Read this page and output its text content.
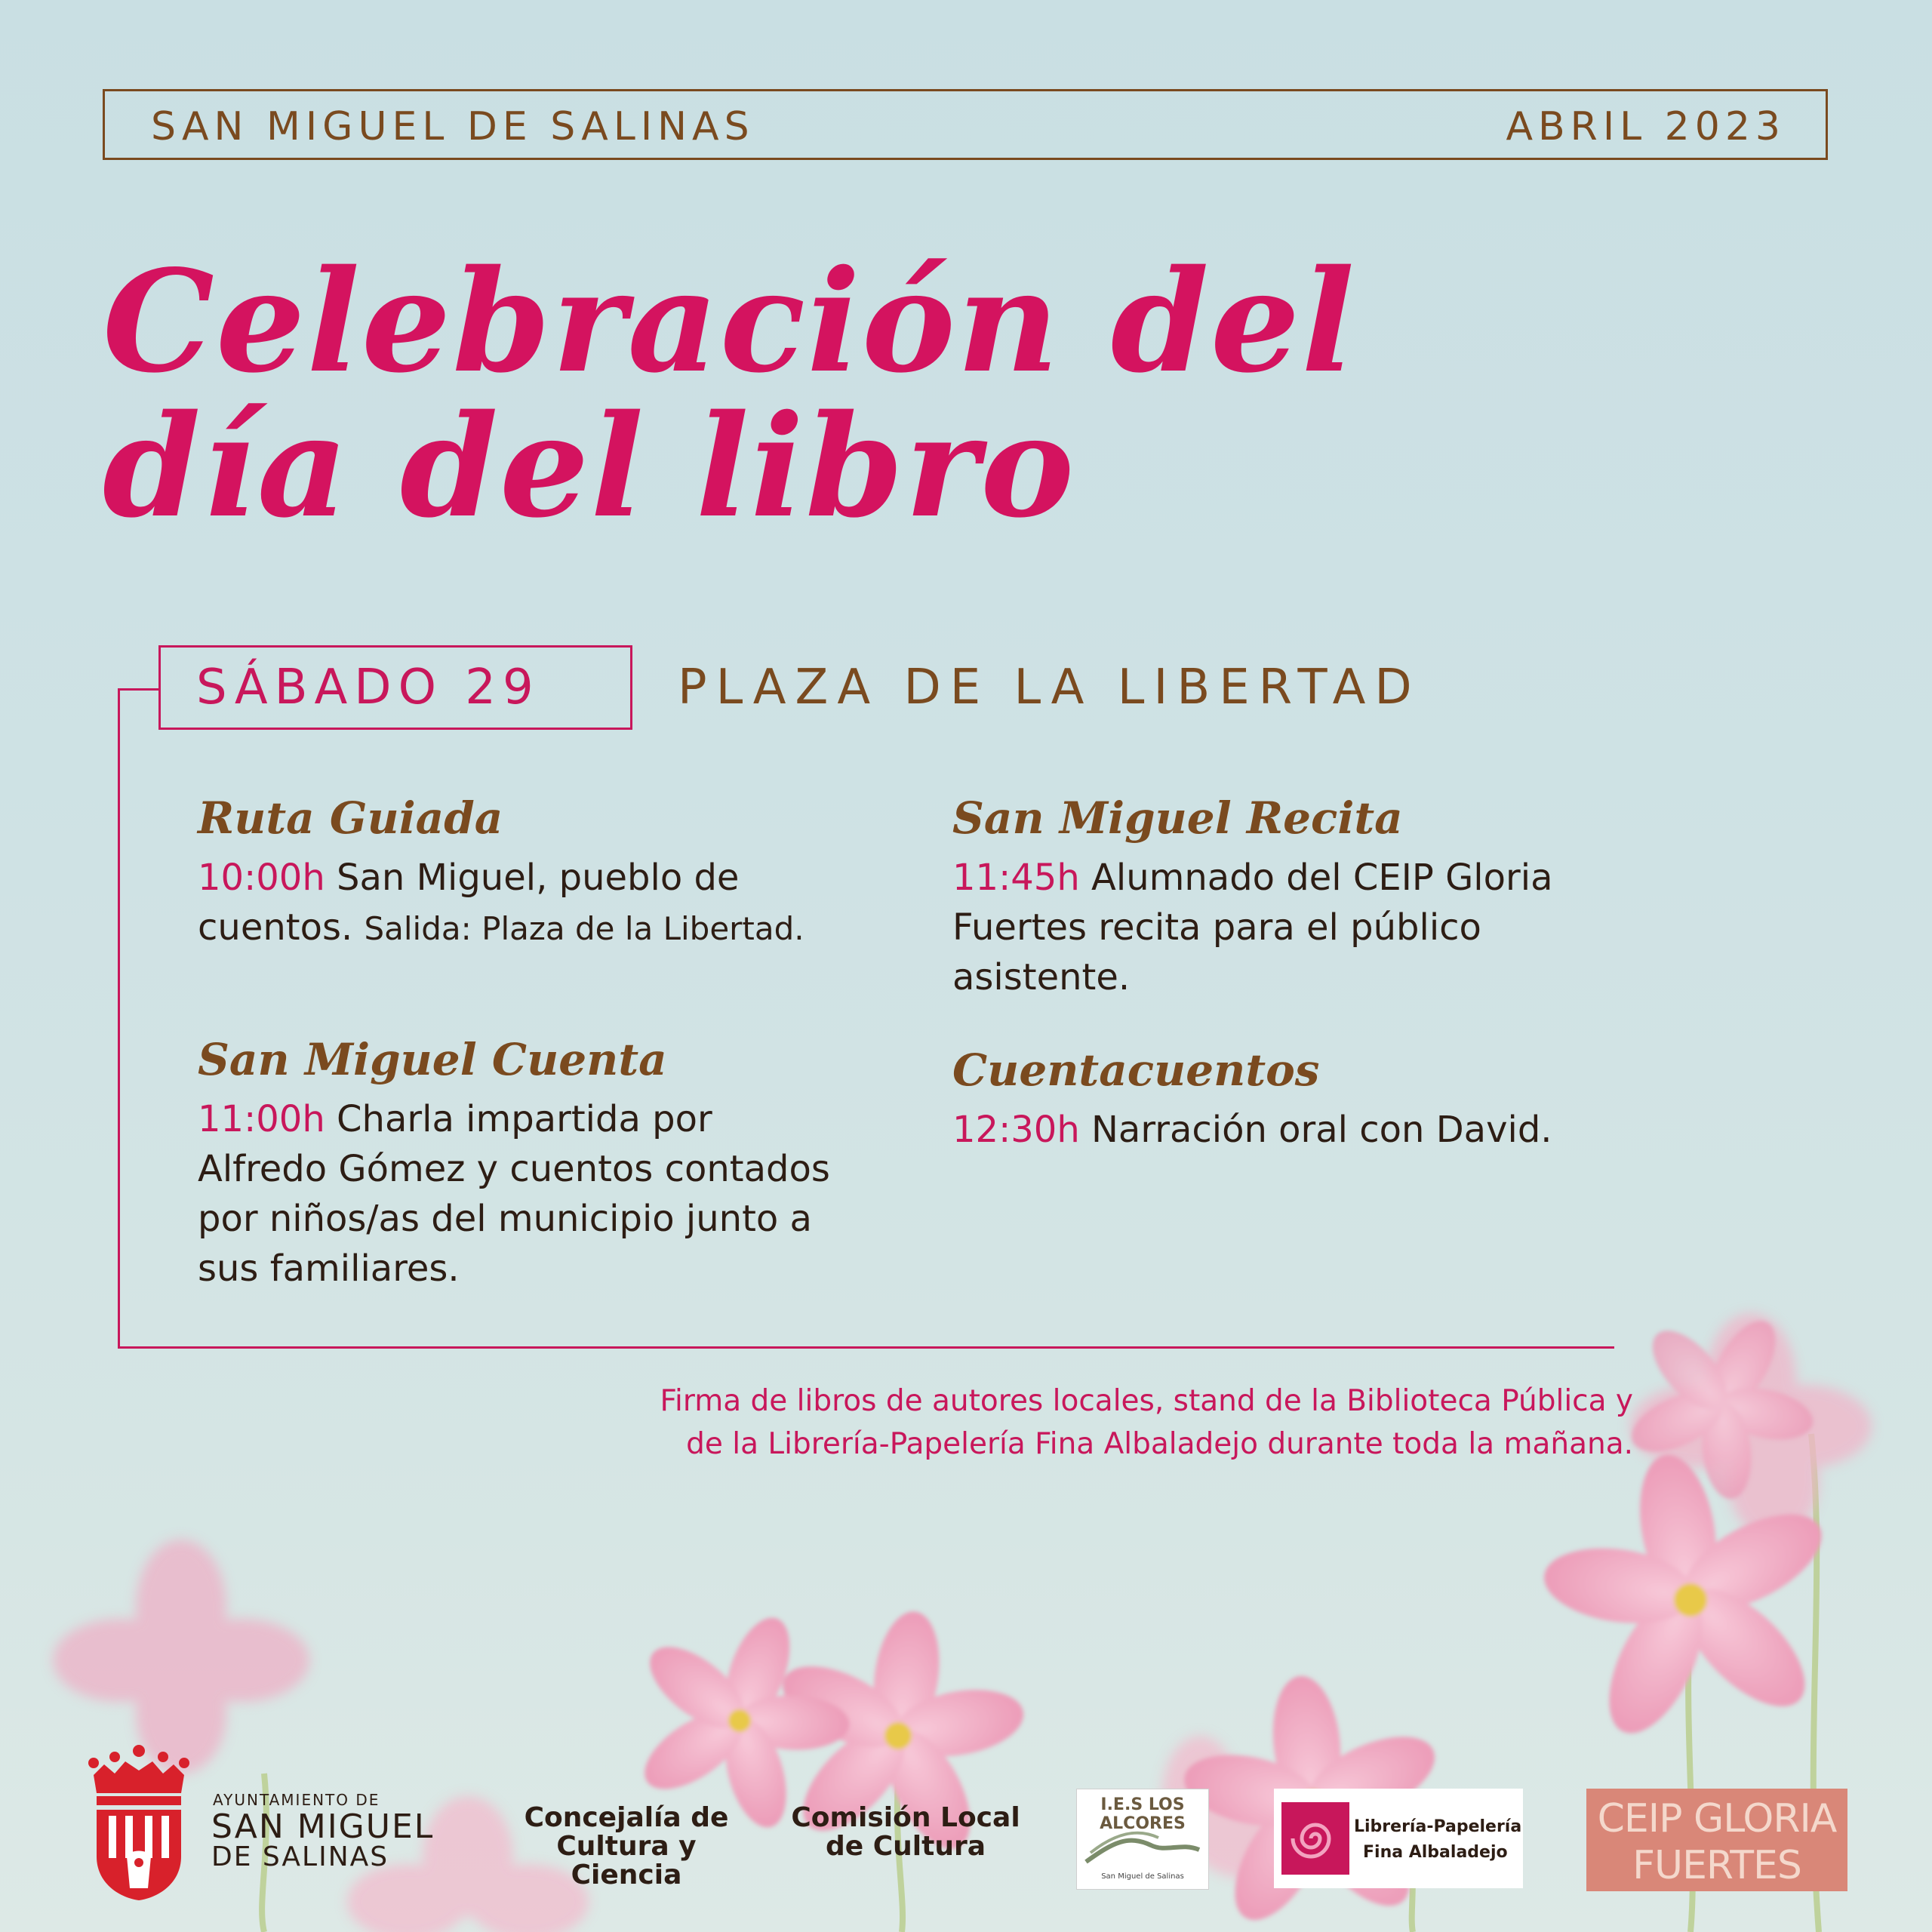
SAN MIGUEL DE SALINAS	ABRIL 2023
Celebración del
día del libro
SÁBADO 29	PLAZA DE LA LIBERTAD
Ruta Guiada
10:00h San Miguel, pueblo de cuentos. Salida: Plaza de la Libertad.
San Miguel Cuenta
11:00h Charla impartida por Alfredo Gómez y cuentos contados por niños/as del municipio junto a sus familiares.
San Miguel Recita
11:45h Alumnado del CEIP Gloria Fuertes recita para el público asistente.
Cuentacuentos
12:30h Narración oral con David.
Firma de libros de autores locales, stand de la Biblioteca Pública y
de la Librería-Papelería Fina Albaladejo durante toda la mañana.
AYUNTAMIENTO DE
SAN MIGUEL
DE SALINAS
Concejalía de
Cultura y Ciencia
Comisión Local
de Cultura
I.E.S LOS ALCORES
San Miguel de Salinas
Librería-Papelería
Fina Albaladejo
CEIP GLORIA
FUERTES
